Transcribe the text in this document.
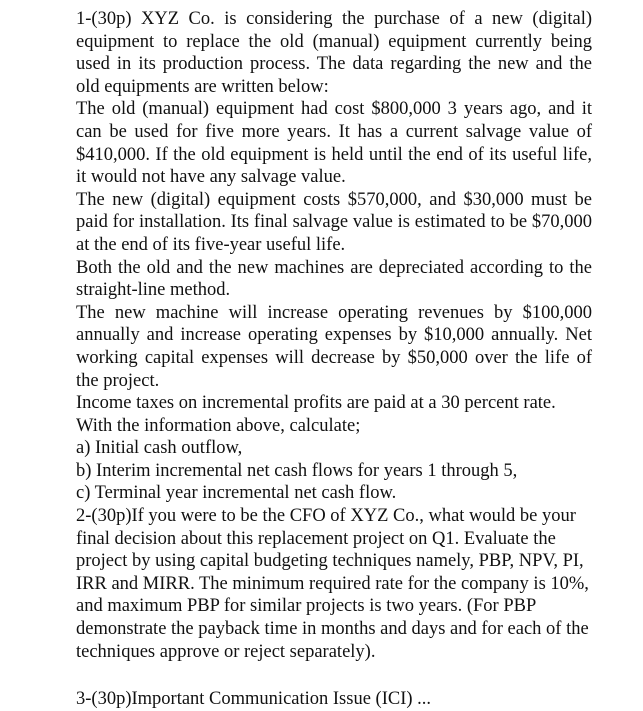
1-(30p) XYZ Co. is considering the purchase of a new (digital) equipment to replace the old (manual) equipment currently being used in its production process. The data regarding the new and the old equipments are written below:

The old (manual) equipment had cost $800,000 3 years ago, and it can be used for five more years. It has a current salvage value of $410,000. If the old equipment is held until the end of its useful life, it would not have any salvage value.

The new (digital) equipment costs $570,000, and $30,000 must be paid for installation. Its final salvage value is estimated to be $70,000 at the end of its five-year useful life.

Both the old and the new machines are depreciated according to the straight-line method.

The new machine will increase operating revenues by $100,000 annually and increase operating expenses by $10,000 annually. Net working capital expenses will decrease by $50,000 over the life of the project.

Income taxes on incremental profits are paid at a 30 percent rate.

With the information above, calculate;

a) Initial cash outflow,

b) Interim incremental net cash flows for years 1 through 5,

c) Terminal year incremental net cash flow.

2-(30p)If you were to be the CFO of XYZ Co., what would be your final decision about this replacement project on Q1. Evaluate the project by using capital budgeting techniques namely, PBP, NPV, PI, IRR and MIRR. The minimum required rate for the company is 10%, and maximum PBP for similar projects is two years. (For PBP demonstrate the payback time in months and days and for each of the techniques approve or reject separately).

3-(30p)Important Communication Issue (ICI) ...
